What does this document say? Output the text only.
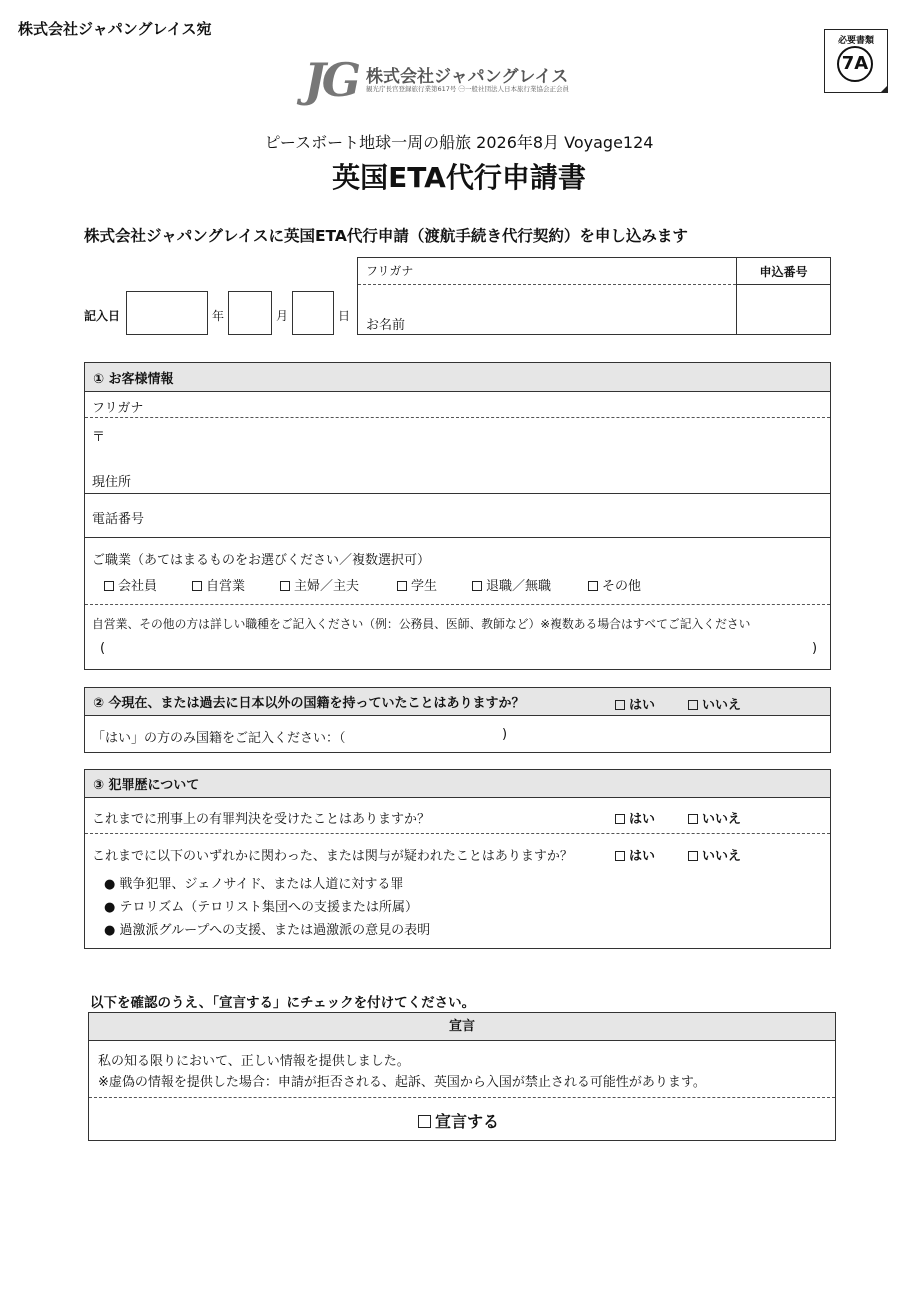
株式会社ジャパングレイス宛
JG 株式会社ジャパングレイス
観光庁長官登録旅行業第617号 ㊀一般社団法人日本旅行業協会正会員
必要書類
7A
ピースボート地球一周の船旅 2026年8月 Voyage124
英国ETA代行申請書
株式会社ジャパングレイスに英国ETA代行申請（渡航手続き代行契約）を申し込みます
記入日	年	月	日
フリガナ
お名前
申込番号
① お客様情報
フリガナ
〒
現住所
電話番号
ご職業（あてはまるものをお選びください／複数選択可）
会社員	自営業	主婦／主夫	学生	退職／無職	その他
自営業、その他の方は詳しい職種をご記入ください（例：公務員、医師、教師など）※複数ある場合はすべてご記入ください
(	)
② 今現在、または過去に日本以外の国籍を持っていたことはありますか？	はい	いいえ
「はい」の方のみ国籍をご記入ください：（	)
③ 犯罪歴について
これまでに刑事上の有罪判決を受けたことはありますか？	はい	いいえ
これまでに以下のいずれかに関わった、または関与が疑われたことはありますか？	はい	いいえ
● 戦争犯罪、ジェノサイド、または人道に対する罪
● テロリズム（テロリスト集団への支援または所属）
● 過激派グループへの支援、または過激派の意見の表明
以下を確認のうえ、「宣言する」にチェックを付けてください。
宣言
私の知る限りにおいて、正しい情報を提供しました。
※虚偽の情報を提供した場合：申請が拒否される、起訴、英国から入国が禁止される可能性があります。
宣言する
